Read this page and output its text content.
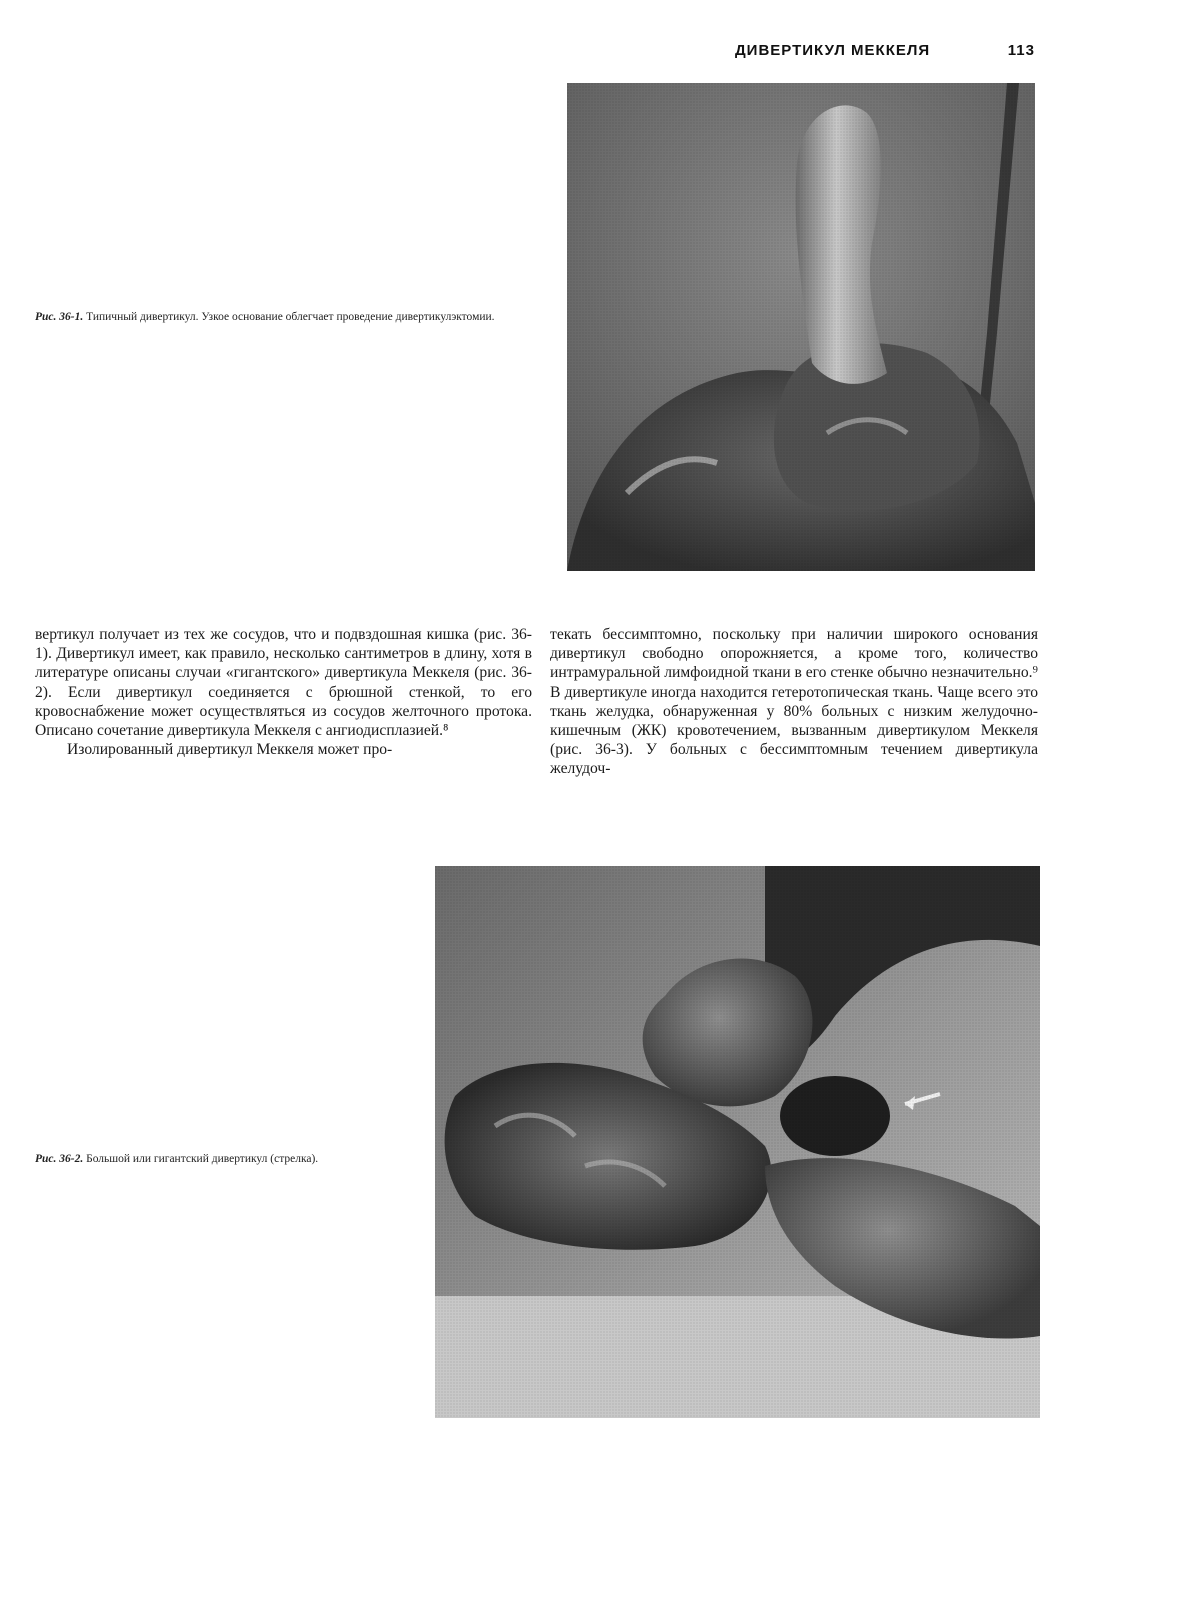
ДИВЕРТИКУЛ МЕККЕЛЯ	113
Рис. 36-1. Типичный дивертикул. Узкое основание облегчает проведение дивертикулэктомии.

вертикул получает из тех же сосудов, что и подвздошная кишка (рис. 36-1). Дивертикул имеет, как правило, несколько сантиметров в длину, хотя в литературе описаны случаи «гигантского» дивертикула Меккеля (рис. 36-2). Если дивертикул соединяется с брюшной стенкой, то его кровоснабжение может осуществляться из сосудов желточного протока. Описано сочетание дивертикула Меккеля с ангиодисплазией.⁸

Изолированный дивертикул Меккеля может про-

текать бессимптомно, поскольку при наличии широкого основания дивертикул свободно опорожняется, а кроме того, количество интрамуральной лимфоидной ткани в его стенке обычно незначительно.⁹ В дивертикуле иногда находится гетеротопическая ткань. Чаще всего это ткань желудка, обнаруженная у 80% больных с низким желудочно-кишечным (ЖК) кровотечением, вызванным дивертикулом Меккеля (рис. 36-3). У больных с бессимптомным течением дивертикула желудоч-

Рис. 36-2. Большой или гигантский дивертикул (стрелка).
